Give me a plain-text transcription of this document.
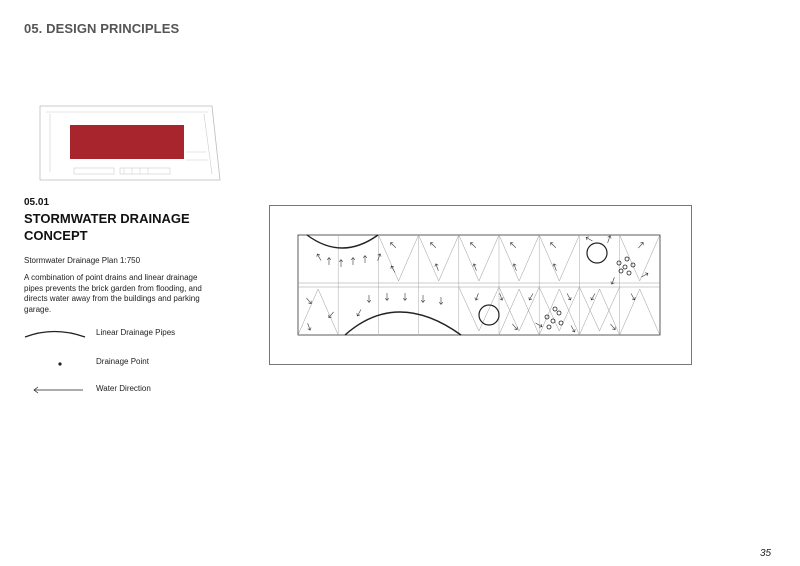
05. DESIGN PRINCIPLES
05.01
STORMWATER DRAINAGE
CONCEPT
Stormwater Drainage Plan 1:750
A combination of point drains and linear drainage pipes prevents the brick garden from flooding, and directs water away from the buildings and parking garage.
Linear Drainage Pipes
Drainage Point
Water Direction
35
